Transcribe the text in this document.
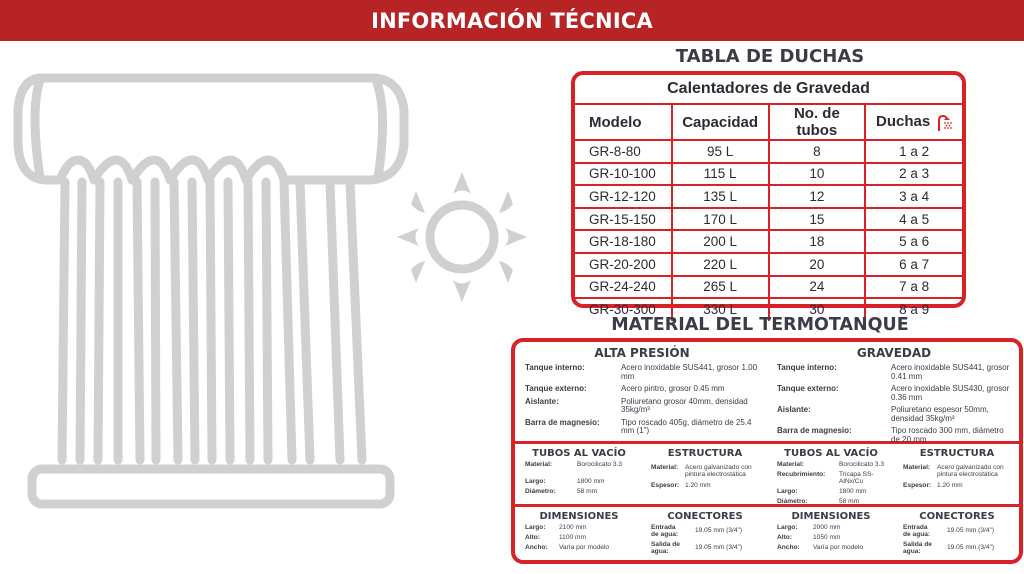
INFORMACIÓN TÉCNICA
TABLA DE DUCHAS
Calentadores de Gravedad			
Modelo	Capacidad	No. de tubos	Duchas
GR-8-80	95 L	8	1 a 2
GR-10-100	115 L	10	2 a 3
GR-12-120	135 L	12	3 a 4
GR-15-150	170 L	15	4 a 5
GR-18-180	200 L	18	5 a 6
GR-20-200	220 L	20	6 a 7
GR-24-240	265 L	24	7 a 8
GR-30-300	330 L	30	8 a 9
MATERIAL DEL TERMOTANQUE
ALTA PRESIÓN
Tanque interno:	Acero inoxidable SUS441, grosor 1.00 mm
Tanque externo:	Acero pintro, grosor 0.45 mm
Aislante:	Poliuretano grosor 40mm, densidad 35kg/m³
Barra de magnesio:	Tipo roscado 405g, diámetro de 25.4 mm (1")
GRAVEDAD
Tanque interno:	Acero inoxidable SUS441, grosor 0.41 mm
Tanque externo:	Acero inoxidable SUS430, grosor 0.36 mm
Aislante:	Poliuretano espesor 50mm, densidad 35kg/m³
Barra de magnesio:	Tipo roscado 300 mm, diámetro de 20 mm
TUBOS AL VACÍO
Material:	Borocilicato 3.3
Largo:	1800 mm
Diámetro:	58 mm
ESTRUCTURA
Material:	Acero galvanizado con pintura electrostática
Espesor: 1.20 mm
TUBOS AL VACÍO
Material:	Borocilicato 3.3
Recubrimiento:	Tricapa SS-AlNx/Cu
Largo:	1800 mm
Diámetro:	58 mm
ESTRUCTURA
Material:	Acero galvanizado con pintura electrostática
Espesor: 1.20 mm
DIMENSIONES
Largo:	2100 mm
Alto:	1100 mm
Ancho:	Varía por modelo
CONECTORES
Entrada de agua:
19.05 mm (3/4")
Salida de agua:
19.05 mm (3/4")
DIMENSIONES
Largo:	2000 mm
Alto:	1050 mm
Ancho:	Varía por modelo
CONECTORES
Entrada de agua:
19.05 mm (3/4")
Salida de agua:
19.05 mm (3/4")
